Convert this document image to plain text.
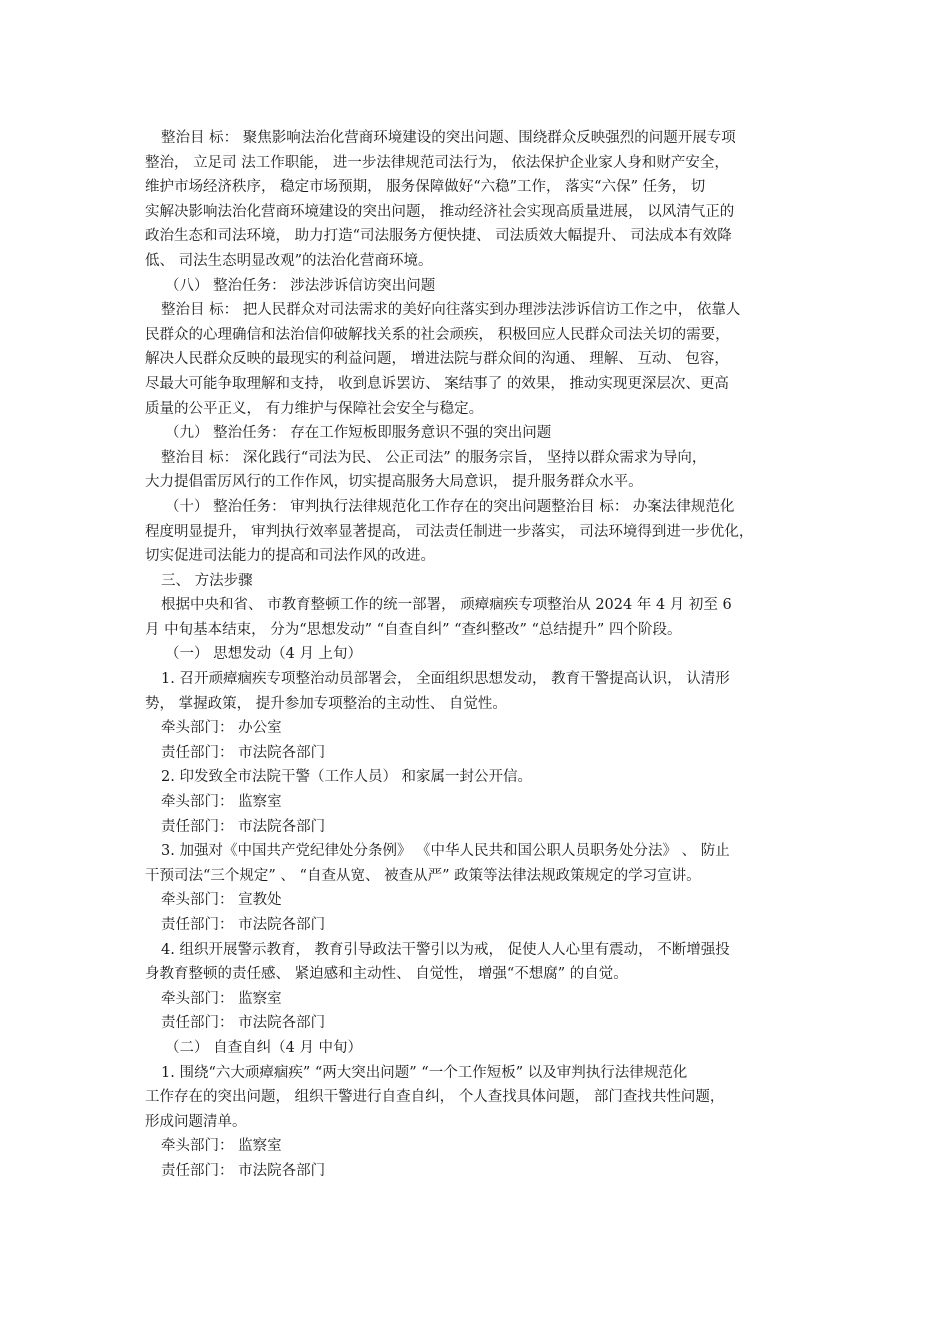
整治目 标： 聚焦影响法治化营商环境建设的突出问题、围绕群众反映强烈的问题开展专项
整治， 立足司 法工作职能， 进一步法律规范司法行为， 依法保护企业家人身和财产安全，
维护市场经济秩序， 稳定市场预期， 服务保障做好“六稳”工作， 落实“六保” 任务， 切
实解决影响法治化营商环境建设的突出问题， 推动经济社会实现高质量进展， 以风清气正的
政治生态和司法环境， 助力打造“司法服务方便快捷、 司法质效大幅提升、 司法成本有效降
低、 司法生态明显改观”的法治化营商环境。
（八） 整治任务： 涉法涉诉信访突出问题
整治目 标： 把人民群众对司法需求的美好向往落实到办理涉法涉诉信访工作之中， 依靠人
民群众的心理确信和法治信仰破解找关系的社会顽疾， 积极回应人民群众司法关切的需要，
解决人民群众反映的最现实的利益问题， 增进法院与群众间的沟通、 理解、 互动、 包容，
尽最大可能争取理解和支持， 收到息诉罢访、 案结事了 的效果， 推动实现更深层次、更高
质量的公平正义， 有力维护与保障社会安全与稳定。
（九） 整治任务： 存在工作短板即服务意识不强的突出问题
整治目 标： 深化践行“司法为民、 公正司法” 的服务宗旨， 坚持以群众需求为导向，
大力提倡雷厉风行的工作作风，切实提高服务大局意识， 提升服务群众水平。
（十） 整治任务： 审判执行法律规范化工作存在的突出问题整治目 标： 办案法律规范化
程度明显提升， 审判执行效率显著提高， 司法责任制进一步落实， 司法环境得到进一步优化，
切实促进司法能力的提高和司法作风的改进。
三、 方法步骤
根据中央和省、 市教育整顿工作的统一部署， 顽瘴痼疾专项整治从 2024 年 4 月 初至 6
月 中旬基本结束， 分为“思想发动” “自查自纠” “查纠整改” “总结提升” 四个阶段。
（一） 思想发动（4 月 上旬）
1. 召开顽瘴痼疾专项整治动员部署会， 全面组织思想发动， 教育干警提高认识， 认清形
势， 掌握政策， 提升参加专项整治的主动性、 自觉性。
牵头部门： 办公室
责任部门： 市法院各部门
2. 印发致全市法院干警（工作人员） 和家属一封公开信。
牵头部门： 监察室
责任部门： 市法院各部门
3. 加强对《中国共产党纪律处分条例》 《中华人民共和国公职人员职务处分法》 、 防止
干预司法“三个规定” 、 “自查从宽、 被查从严” 政策等法律法规政策规定的学习宣讲。
牵头部门： 宣教处
责任部门： 市法院各部门
4. 组织开展警示教育， 教育引导政法干警引以为戒， 促使人人心里有震动， 不断增强投
身教育整顿的责任感、 紧迫感和主动性、 自觉性， 增强“不想腐” 的自觉。
牵头部门： 监察室
责任部门： 市法院各部门
（二） 自查自纠（4 月 中旬）
1. 围绕“六大顽瘴痼疾” “两大突出问题” “一个工作短板” 以及审判执行法律规范化
工作存在的突出问题， 组织干警进行自查自纠， 个人查找具体问题， 部门查找共性问题，
形成问题清单。
牵头部门： 监察室
责任部门： 市法院各部门
